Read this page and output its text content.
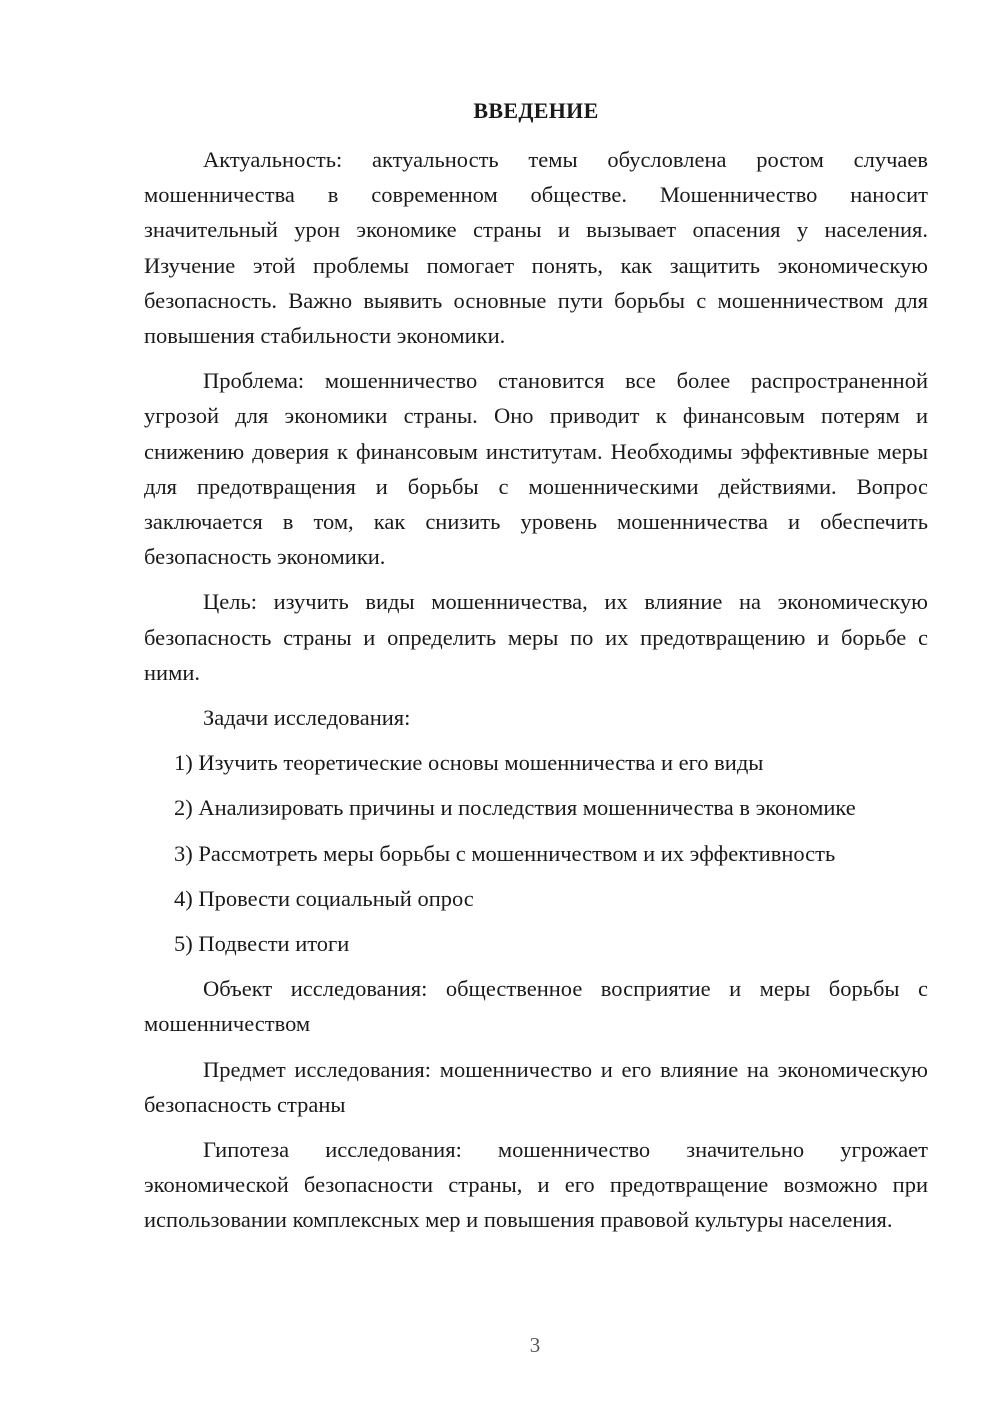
ВВЕДЕНИЕ

Актуальность: актуальность темы обусловлена ростом случаев мошенничества в современном обществе. Мошенничество наносит значительный урон экономике страны и вызывает опасения у населения. Изучение этой проблемы помогает понять, как защитить экономическую безопасность. Важно выявить основные пути борьбы с мошенничеством для повышения стабильности экономики.

Проблема: мошенничество становится все более распространенной угрозой для экономики страны. Оно приводит к финансовым потерям и снижению доверия к финансовым институтам. Необходимы эффективные меры для предотвращения и борьбы с мошенническими действиями. Вопрос заключается в том, как снизить уровень мошенничества и обеспечить безопасность экономики.

Цель: изучить виды мошенничества, их влияние на экономическую безопасность страны и определить меры по их предотвращению и борьбе с ними.

Задачи исследования:

1) Изучить теоретические основы мошенничества и его виды

2) Анализировать причины и последствия мошенничества в экономике

3) Рассмотреть меры борьбы с мошенничеством и их эффективность

4) Провести социальный опрос

5) Подвести итоги

Объект исследования: общественное восприятие и меры борьбы с мошенничеством

Предмет исследования: мошенничество и его влияние на экономическую безопасность страны

Гипотеза исследования: мошенничество значительно угрожает экономической безопасности страны, и его предотвращение возможно при использовании комплексных мер и повышения правовой культуры населения.

3
